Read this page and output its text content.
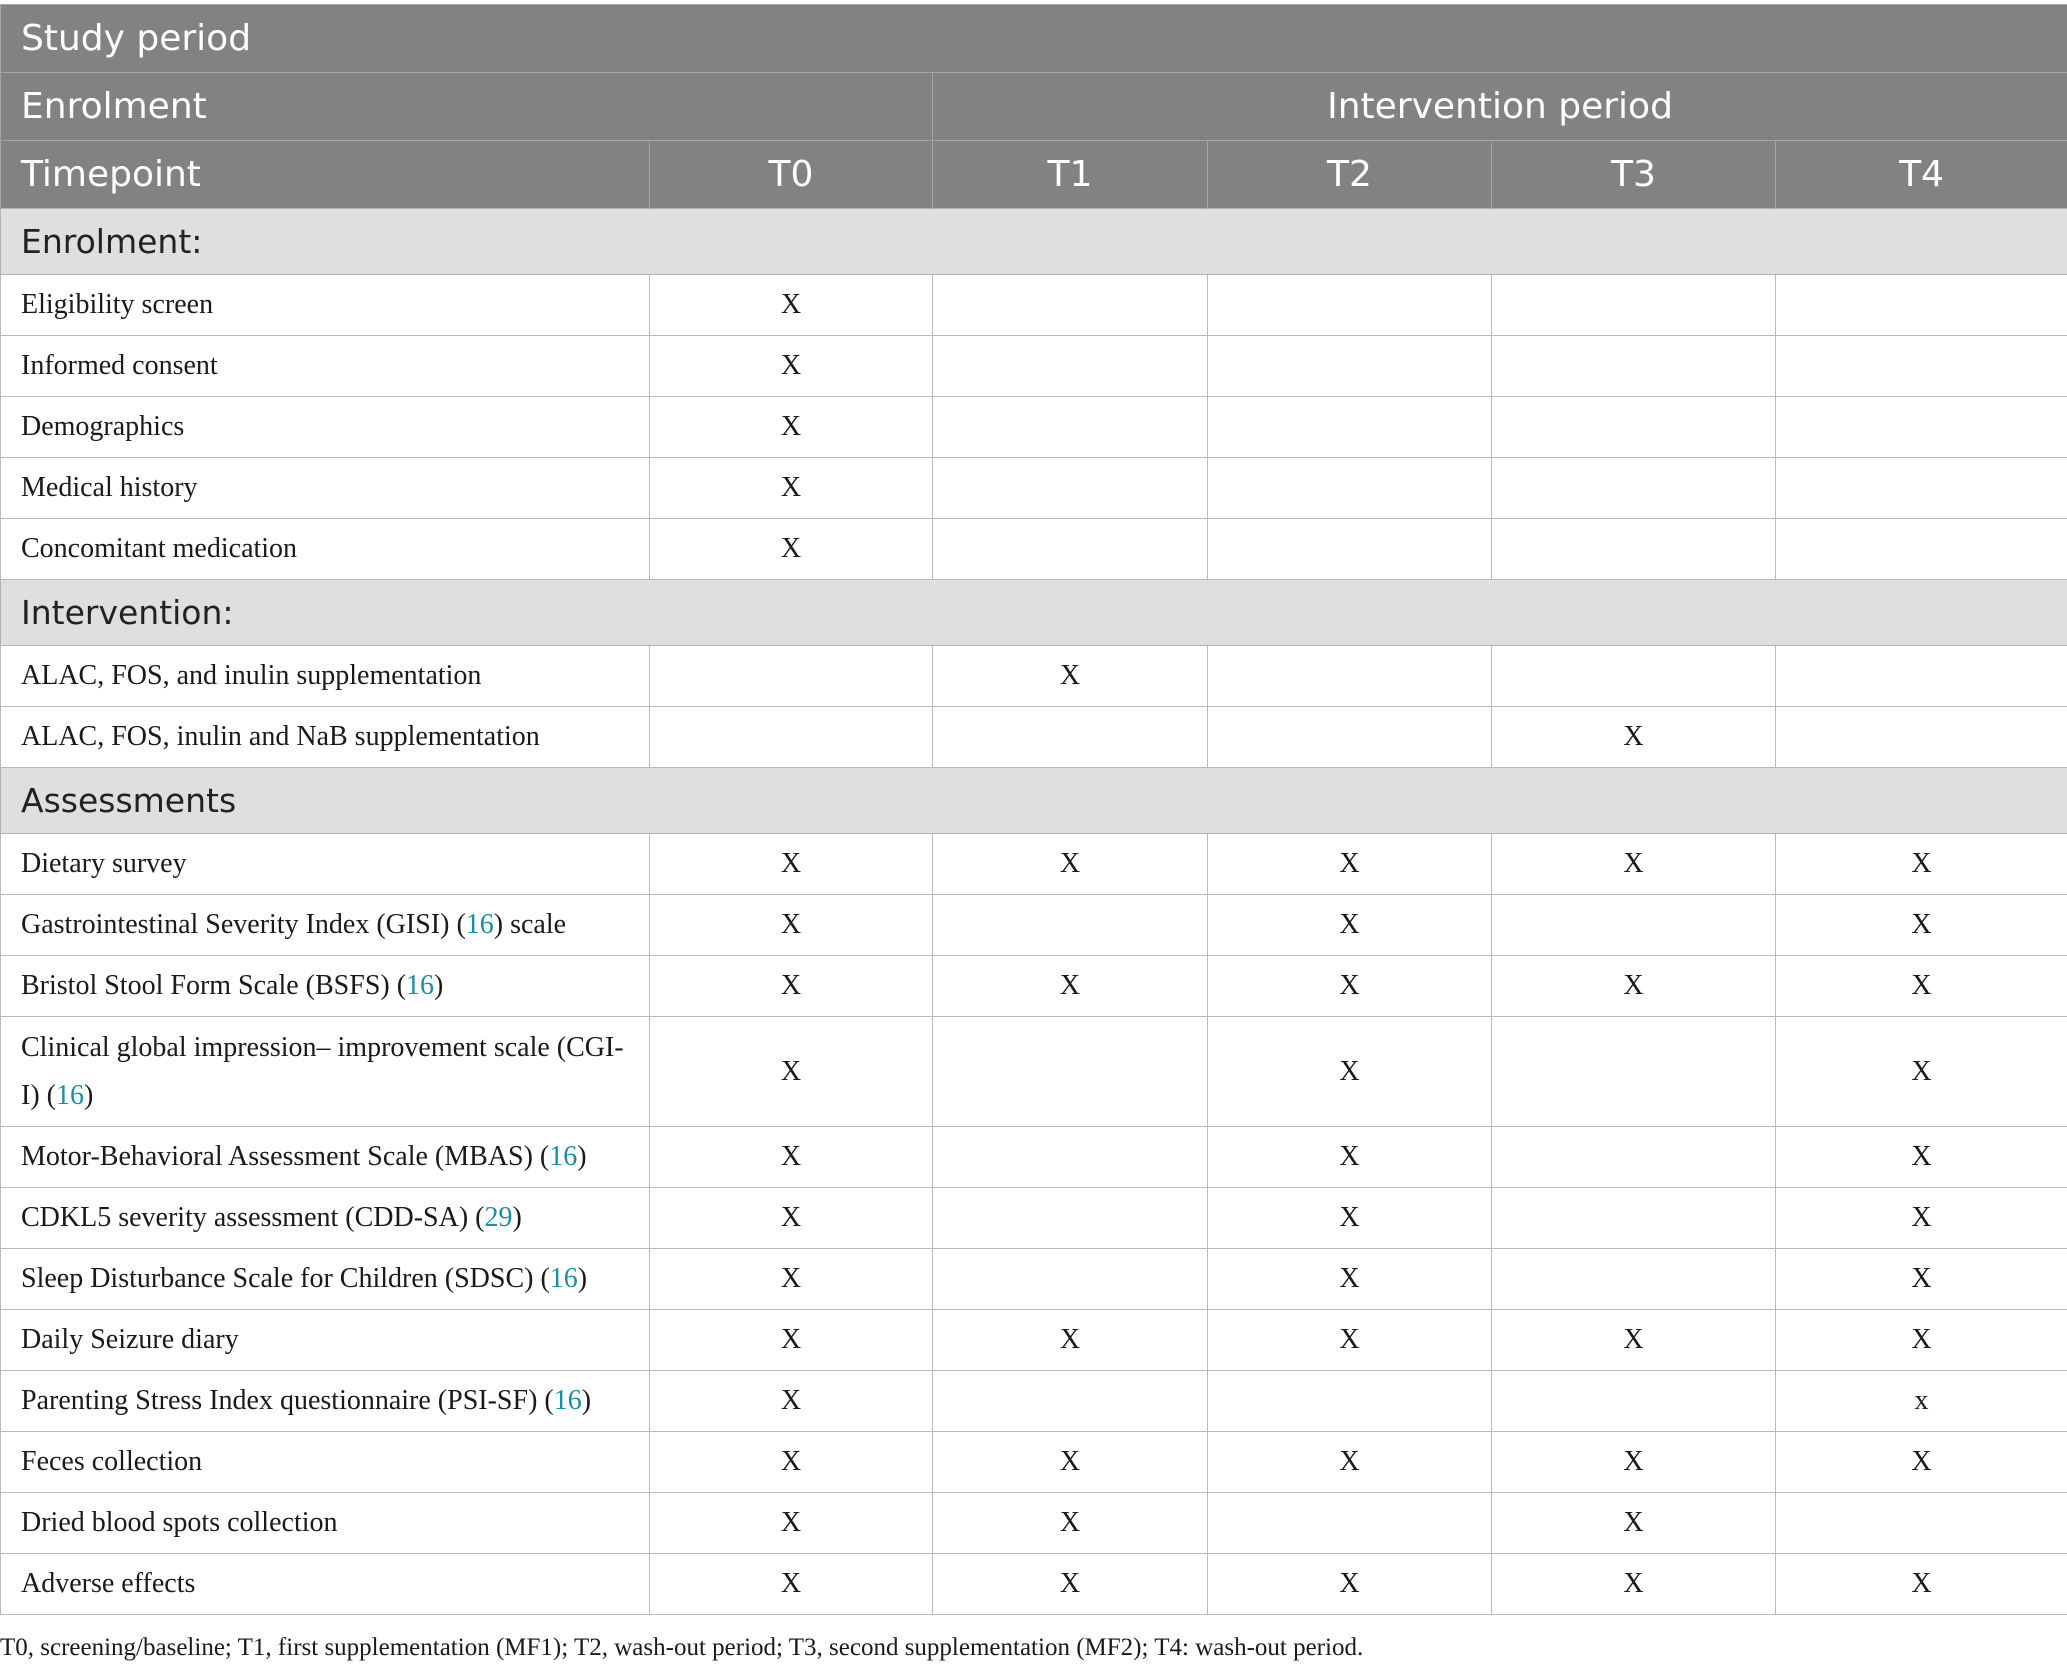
Study period					
Enrolment		Intervention period			
Timepoint	T0	T1	T2	T3	T4
Enrolment:					
Eligibility screen	X				
Informed consent	X				
Demographics	X				
Medical history	X				
Concomitant medication	X				
Intervention:					
ALAC, FOS, and inulin supplementation		X			
ALAC, FOS, inulin and NaB supplementation				X	
Assessments					
Dietary survey	X	X	X	X	X
Gastrointestinal Severity Index (GISI) (16) scale	X		X		X
Bristol Stool Form Scale (BSFS) (16)	X	X	X	X	X
Clinical global impression– improvement scale (CGI-I) (16)	X		X		X
Motor-Behavioral Assessment Scale (MBAS) (16)	X		X		X
CDKL5 severity assessment (CDD-SA) (29)	X		X		X
Sleep Disturbance Scale for Children (SDSC) (16)	X		X		X
Daily Seizure diary	X	X	X	X	X
Parenting Stress Index questionnaire (PSI-SF) (16)	X				x
Feces collection	X	X	X	X	X
Dried blood spots collection	X	X		X	
Adverse effects	X	X	X	X	X
T0, screening/baseline; T1, first supplementation (MF1); T2, wash-out period; T3, second supplementation (MF2); T4: wash-out period.
